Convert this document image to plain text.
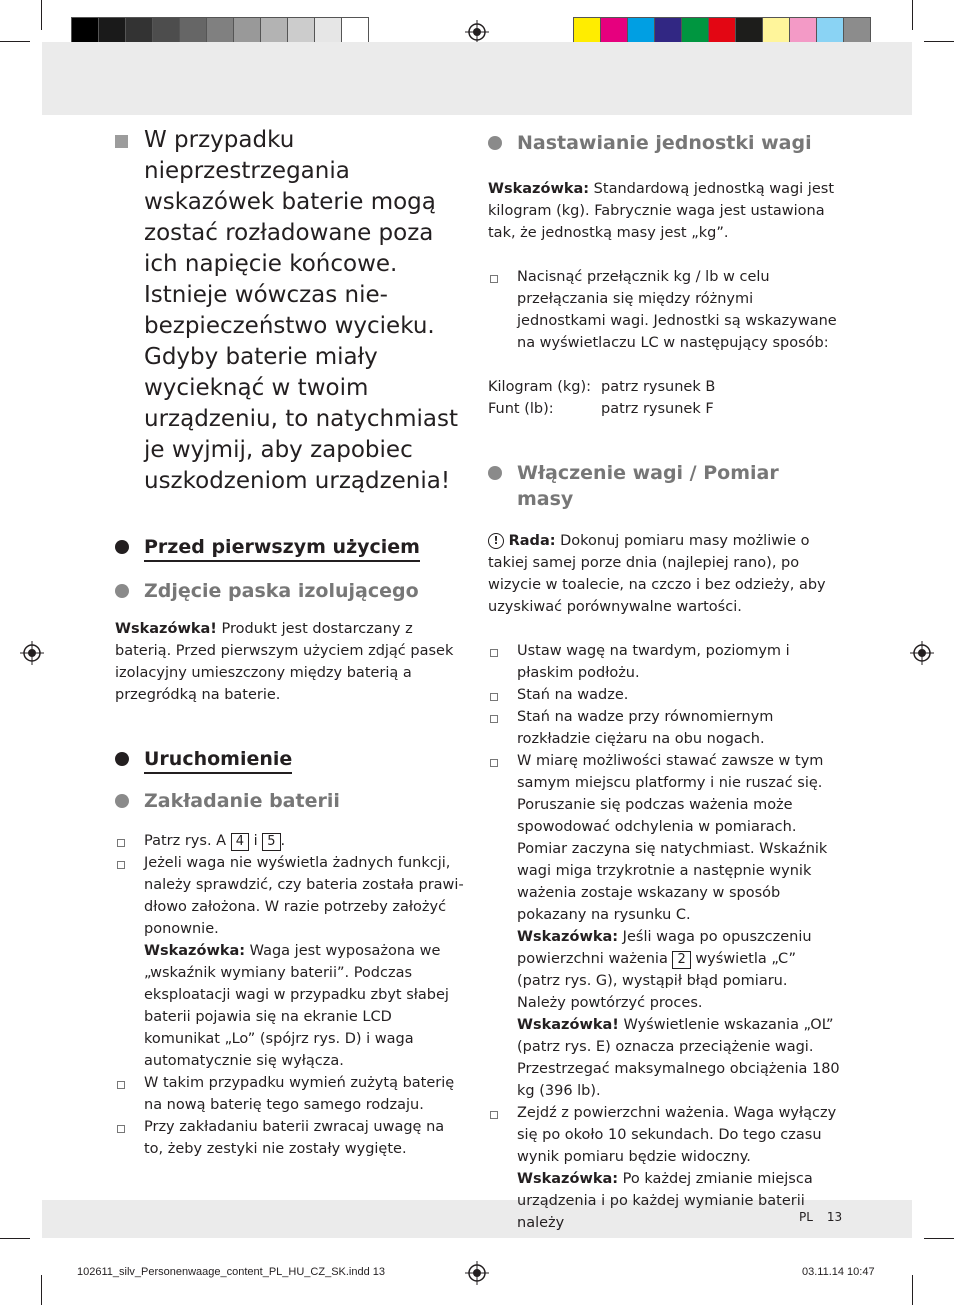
W przypadku nieprzestrzegania wskazówek baterie mogą zostać rozładowane poza ich napięcie końcowe. Istnieje wówczas niebezpieczeństwo wycieku. Gdyby baterie miały wycieknąć w twoim urządzeniu, to natychmiast je wyjmij, aby zapobiec uszkodzeniom urządzenia!
Przed pierwszym użyciem
Zdjęcie paska izolującego

Wskazówka! Produkt jest dostarczany z baterią. Przed pierwszym użyciem zdjąć pasek izolacyjny umieszczony między baterią a przegródką na baterie.

Uruchomienie
Zakładanie baterii
Patrz rys. A 4 i 5 .
Jeżeli waga nie wyświetla żadnych funkcji, należy sprawdzić, czy bateria została prawidłowo założona. W razie potrzeby założyć ponownie.
Wskazówka: Waga jest wyposażona we „wskaźnik wymiany baterii”. Podczas eksploatacji wagi w przypadku zbyt słabej baterii pojawia się na ekranie LCD komunikat „Lo” (spójrz rys. D) i waga automatycznie się wyłącza.
W takim przypadku wymień zużytą baterię na nową baterię tego samego rodzaju.
Przy zakładaniu baterii zwracaj uwagę na to, żeby zestyki nie zostały wygięte.
Nastawianie jednostki wagi

Wskazówka: Standardową jednostką wagi jest kilogram (kg). Fabrycznie waga jest ustawiona tak, że jednostką masy jest „kg”.

Nacisnąć przełącznik kg / lb w celu przełączania się między różnymi jednostkami wagi. Jednostki są wskazywane na wyświetlaczu LC w następujący sposób:
Kilogram (kg): patrz rysunek B
Funt (lb):	patrz rysunek F
Włączenie wagi / Pomiar masy

! Rada: Dokonuj pomiaru masy możliwie o takiej samej porze dnia (najlepiej rano), po wizycie w toalecie, na czczo i bez odzieży, aby uzyskiwać porównywalne wartości.

Ustaw wagę na twardym, poziomym i płaskim podłożu.
Stań na wadze.
Stań na wadze przy równomiernym rozkładzie ciężaru na obu nogach.
W miarę możliwości stawać zawsze w tym samym miejscu platformy i nie ruszać się. Poruszanie się podczas ważenia może spowodować odchylenia w pomiarach. Pomiar zaczyna się natychmiast. Wskaźnik wagi miga trzykrotnie a następnie wynik ważenia zostaje wskazany w sposób pokazany na rysunku C.
Wskazówka: Jeśli waga po opuszczeniu powierzchni ważenia 2 wyświetla „C” (patrz rys. G), wystąpił błąd pomiaru. Należy powtórzyć proces.
Wskazówka! Wyświetlenie wskazania „OL” (patrz rys. E) oznacza przeciążenie wagi. Przestrzegać maksymalnego obciążenia 180 kg (396 lb).
Zejdź z powierzchni ważenia. Waga wyłączy się po około 10 sekundach. Do tego czasu wynik pomiaru będzie widoczny.
Wskazówka: Po każdej zmianie miejsca urządzenia i po każdej wymianie baterii należy	PL 13
102611_silv_Personenwaage_content_PL_HU_CZ_SK.indd 13	03.11.14 10:47
